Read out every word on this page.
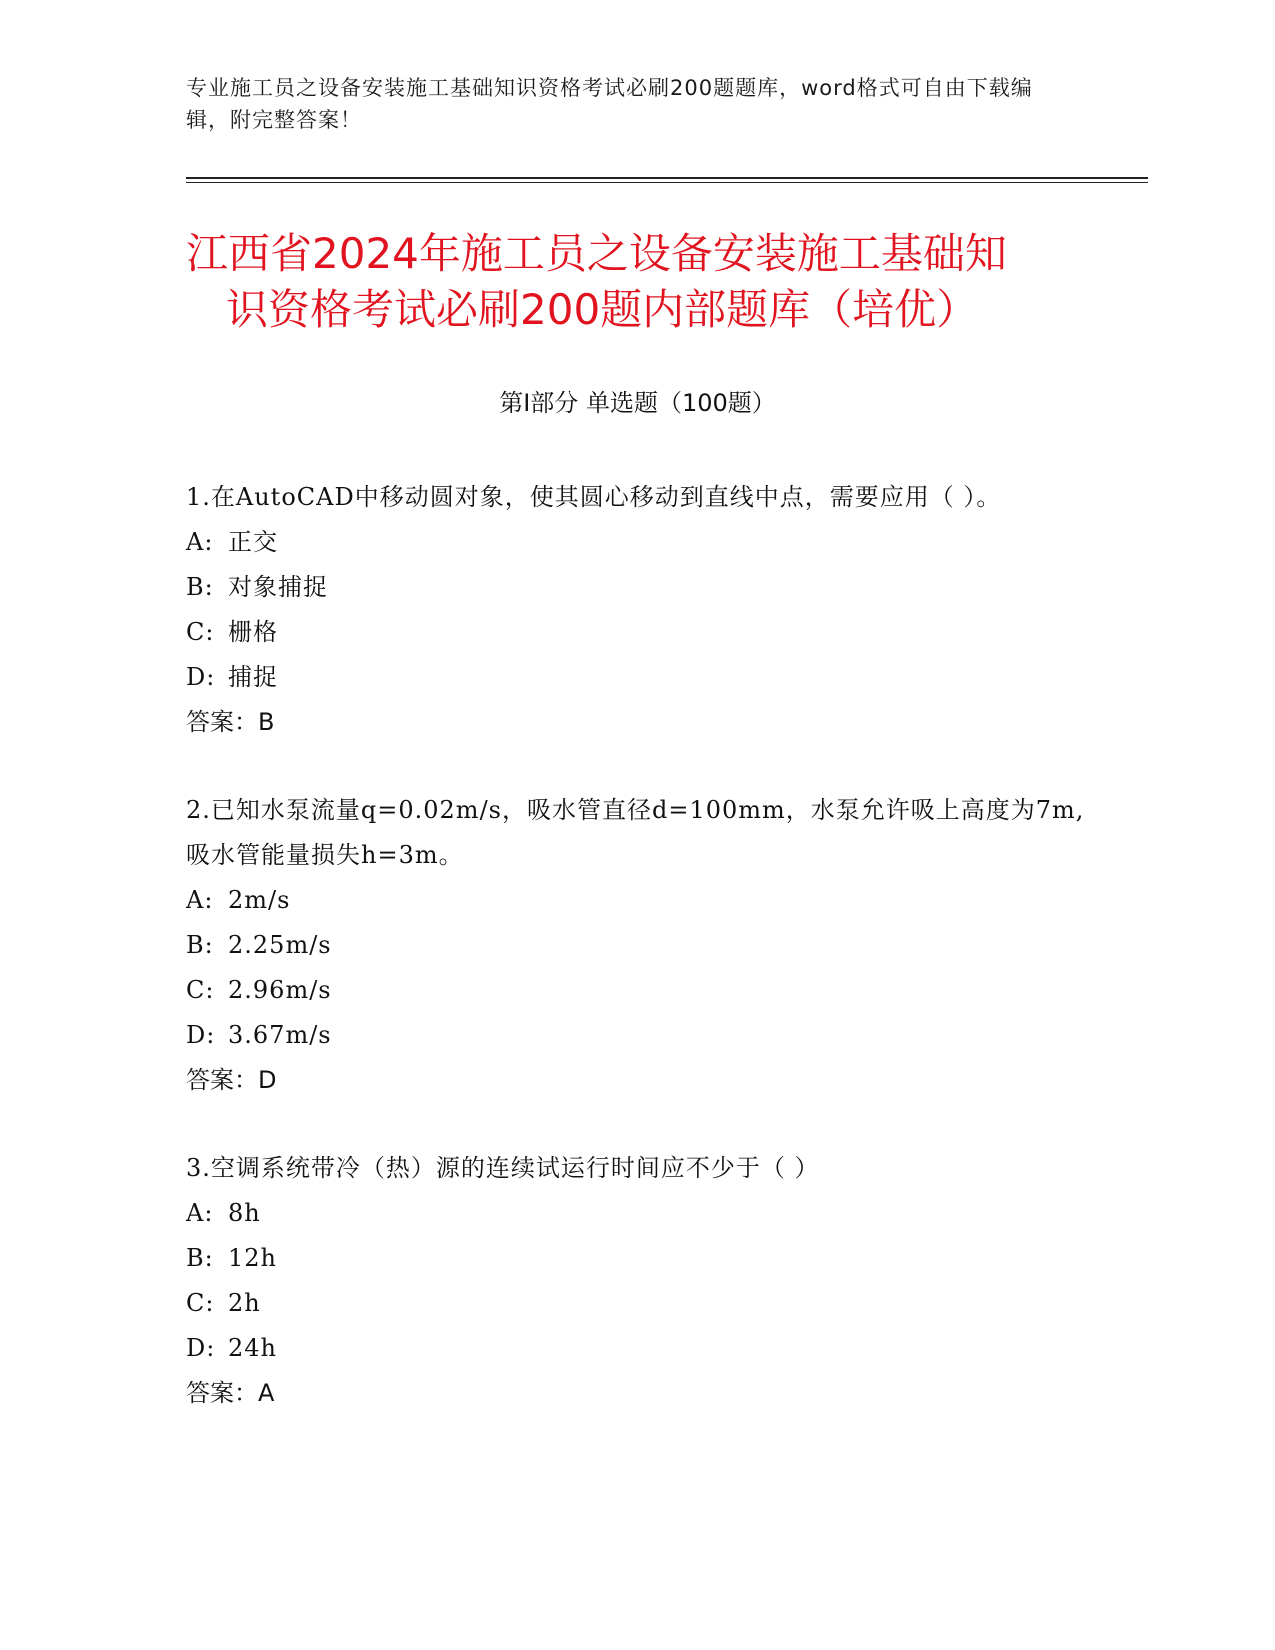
专业施工员之设备安装施工基础知识资格考试必刷200题题库，word格式可自由下载编辑，附完整答案！
江西省2024年施工员之设备安装施工基础知
识资格考试必刷200题内部题库（培优）
第Ⅰ部分 单选题（100题）
1.在AutoCAD中移动圆对象，使其圆心移动到直线中点，需要应用（ ）。
A: 正交
B: 对象捕捉
C: 栅格
D: 捕捉
答案：B
2.已知水泵流量q=0.02m/s，吸水管直径d=100mm，水泵允许吸上高度为7m,吸水管能量损失h=3m。
A: 2m/s
B: 2.25m/s
C: 2.96m/s
D: 3.67m/s
答案：D
3.空调系统带冷（热）源的连续试运行时间应不少于（ ）
A: 8h
B: 12h
C: 2h
D: 24h
答案：A
